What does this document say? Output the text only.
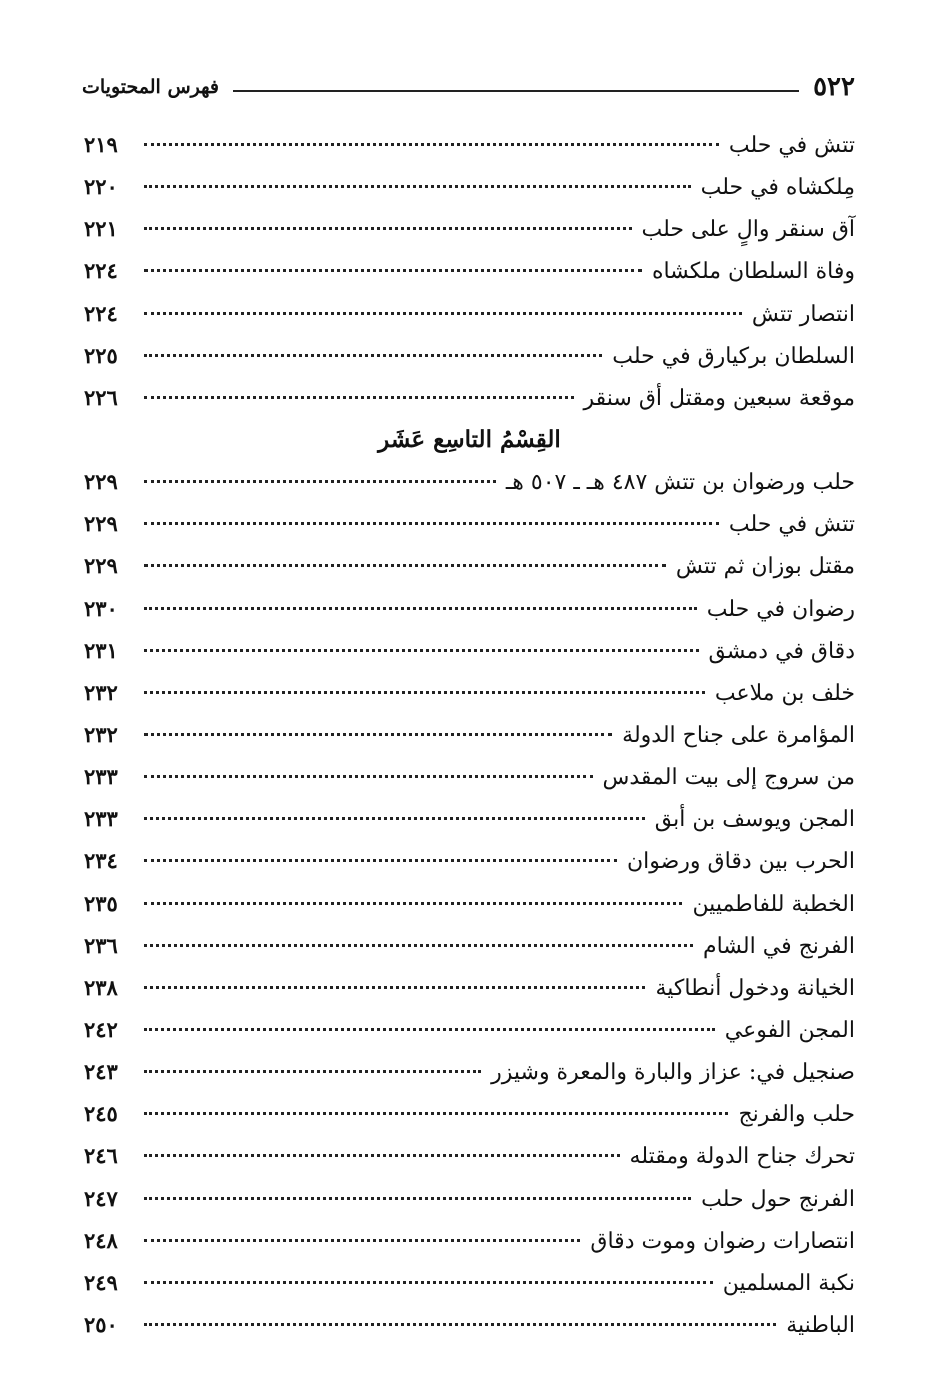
٥٢٢
فهرس المحتويات
تتش في حلب
٢١٩
مِلكشاه في حلب
٢٢٠
آق سنقر والٍ على حلب
٢٢١
وفاة السلطان ملكشاه
٢٢٤
انتصار تتش
٢٢٤
السلطان بركيارق في حلب
٢٢٥
موقعة سبعين ومقتل أق سنقر
٢٢٦
القِسْمُ التاسِع عَشَر
حلب ورضوان بن تتش ٤٨٧ هـ ـ ٥٠٧ هـ
٢٢٩
تتش في حلب
٢٢٩
مقتل بوزان ثم تتش
٢٢٩
رضوان في حلب
٢٣٠
دقاق في دمشق
٢٣١
خلف بن ملاعب
٢٣٢
المؤامرة على جناح الدولة
٢٣٢
من سروج إلى بيت المقدس
٢٣٣
المجن ويوسف بن أبق
٢٣٣
الحرب بين دقاق ورضوان
٢٣٤
الخطبة للفاطميين
٢٣٥
الفرنج في الشام
٢٣٦
الخيانة ودخول أنطاكية
٢٣٨
المجن الفوعي
٢٤٢
صنجيل في: عزاز والبارة والمعرة وشيزر
٢٤٣
حلب والفرنج
٢٤٥
تحرك جناح الدولة ومقتله
٢٤٦
الفرنج حول حلب
٢٤٧
انتصارات رضوان وموت دقاق
٢٤٨
نكبة المسلمين
٢٤٩
الباطنية
٢٥٠
